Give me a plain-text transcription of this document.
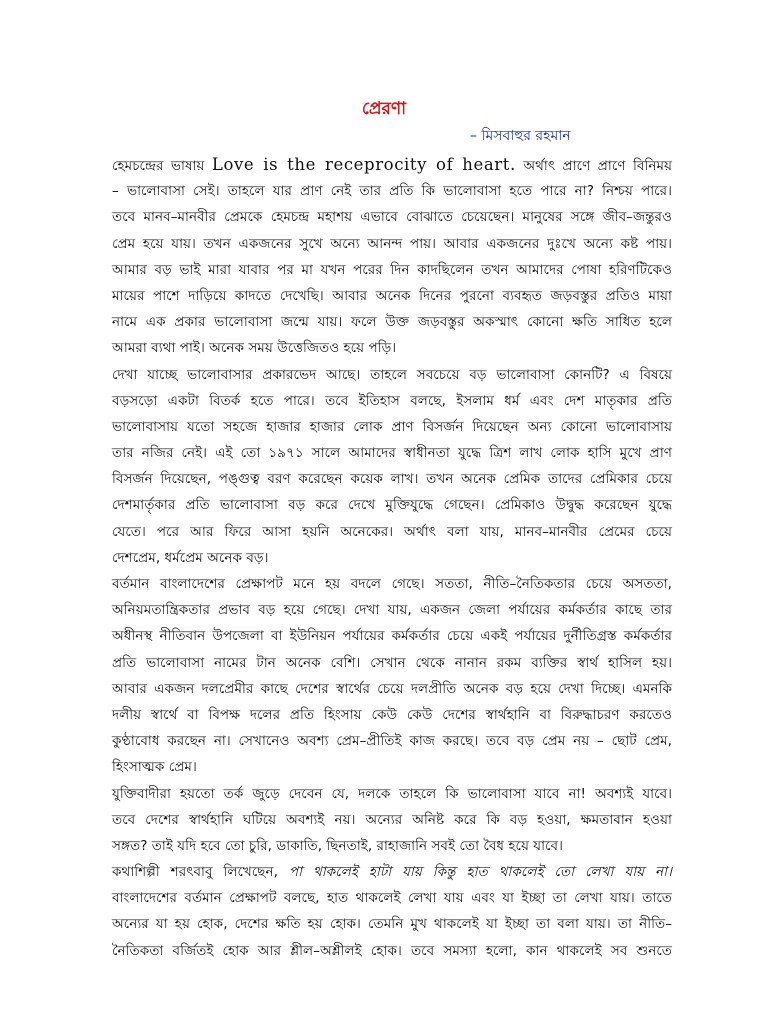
প্রেরণা
– মিসবাহুর রহমান
হেমচন্দ্রের ভাষায় Love is the receprocity of heart. অর্থাৎ প্রাণে প্রাণে বিনিময়
– ভালোবাসা সেই। তাহলে যার প্রাণ নেই তার প্রতি কি ভালোবাসা হতে পারে না? নিশ্চয় পারে।
তবে মানব–মানবীর প্রেমকে হেমচন্দ্র মহাশয় এভাবে বোঝাতে চেয়েছেন। মানুষের সঙ্গে জীব–জন্তুরও
প্রেম হয়ে যায়। তখন একজনের সুখে অন্যে আনন্দ পায়। আবার একজনের দুঃখে অন্যে কষ্ট পায়।
আমার বড় ভাই মারা যাবার পর মা যখন পরের দিন কাদছিলেন তখন আমাদের পোষা হরিণটিকেও
মায়ের পাশে দাড়িয়ে কাদতে দেখেছি। আবার অনেক দিনের পুরনো ব্যবহৃত জড়বস্তুর প্রতিও মায়া
নামে এক প্রকার ভালোবাসা জন্মে যায়। ফলে উক্ত জড়বস্তুর অকস্মাৎ কোনো ক্ষতি সাধিত হলে
আমরা ব্যথা পাই। অনেক সময় উত্তেজিতও হয়ে পড়ি।
দেখা যাচ্ছে ভালোবাসার প্রকারভেদ আছে। তাহলে সবচেয়ে বড় ভালোবাসা কোনটি? এ বিষয়ে
বড়সড়ো একটা বিতর্ক হতে পারে। তবে ইতিহাস বলছে, ইসলাম ধর্ম এবং দেশ মাতৃকার প্রতি
ভালোবাসায় যতো সহজে হাজার হাজার লোক প্রাণ বিসর্জন দিয়েছেন অন্য কোনো ভালোবাসায়
তার নজির নেই। এই তো ১৯৭১ সালে আমাদের স্বাধীনতা যুদ্ধে ত্রিশ লাখ লোক হাসি মুখে প্রাণ
বিসর্জন দিয়েছেন, পঙ্গুত্ব বরণ করেছেন কয়েক লাখ। তখন অনেক প্রেমিক তাদের প্রেমিকার চেয়ে
দেশমার্তৃকার প্রতি ভালোবাসা বড় করে দেখে মুক্তিযুদ্ধে গেছেন। প্রেমিকাও উদ্বুদ্ধ করেছেন যুদ্ধে
যেতে। পরে আর ফিরে আসা হয়নি অনেকের। অর্থাৎ বলা যায়, মানব–মানবীর প্রেমের চেয়ে
দেশপ্রেম, ধর্মপ্রেম অনেক বড়।
বর্তমান বাংলাদেশের প্রেক্ষাপট মনে হয় বদলে গেছে। সততা, নীতি–নৈতিকতার চেয়ে অসততা,
অনিয়মতান্ত্রিকতার প্রভাব বড় হয়ে গেছে। দেখা যায়, একজন জেলা পর্যায়ের কর্মকর্তার কাছে তার
অধীনস্থ নীতিবান উপজেলা বা ইউনিয়ন পর্যায়ের কর্মকর্তার চেয়ে একই পর্যায়ের দুর্নীতিগ্রস্ত কর্মকর্তার
প্রতি ভালোবাসা নামের টান অনেক বেশি। সেখান থেকে নানান রকম ব্যক্তির স্বার্থ হাসিল হয়।
আবার একজন দলপ্রেমীর কাছে দেশের স্বার্থের চেয়ে দলপ্রীতি অনেক বড় হয়ে দেখা দিচ্ছে। এমনকি
দলীয় স্বার্থে বা বিপক্ষ দলের প্রতি হিংসায় কেউ কেউ দেশের স্বার্থহানি বা বিরুদ্ধাচরণ করতেও
কুণ্ঠাবোধ করছেন না। সেখানেও অবশ্য প্রেম–প্রীতিই কাজ করছে। তবে বড় প্রেম নয় – ছোট প্রেম,
হিংসাত্মক প্রেম।
যুক্তিবাদীরা হয়তো তর্ক জুড়ে দেবেন যে, দলকে তাহলে কি ভালোবাসা যাবে না! অবশ্যই যাবে।
তবে দেশের স্বার্থহানি ঘটিয়ে অবশ্যই নয়। অন্যের অনিষ্ট করে কি বড় হওয়া, ক্ষমতাবান হওয়া
সঙ্গত? তাই যদি হবে তো চুরি, ডাকাতি, ছিনতাই, রাহাজানি সবই তো বৈধ হয়ে যাবে।
কথাশিল্পী শরৎবাবু লিখেছেন, পা থাকলেই হাটা যায় কিন্তু হাত থাকলেই তো লেখা যায় না।
বাংলাদেশের বর্তমান প্রেক্ষাপট বলছে, হাত থাকলেই লেখা যায় এবং যা ইচ্ছা তা লেখা যায়। তাতে
অন্যের যা হয় হোক, দেশের ক্ষতি হয় হোক। তেমনি মুখ থাকলেই যা ইচ্ছা তা বলা যায়। তা নীতি–
নৈতিকতা বর্জিতই হোক আর শ্লীল–অশ্লীলই হোক। তবে সমস্যা হলো, কান থাকলেই সব শুনতে
